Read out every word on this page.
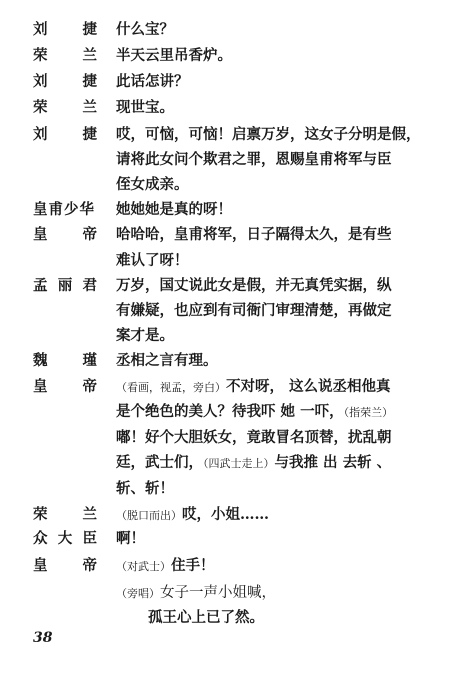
刘 捷 什么宝？
荣 兰 半天云里吊香炉。
刘 捷 此话怎讲？
荣 兰 现世宝。
刘 捷 哎，可恼，可恼！启禀万岁，这女子分明是假，
请将此女问个欺君之罪，恩赐皇甫将军与臣
侄女成亲。
皇甫少华 她她她是真的呀！
皇 帝 哈哈哈，皇甫将军，日子隔得太久，是有些
难认了呀！
孟 丽 君 万岁，国丈说此女是假，并无真凭实据，纵
有嫌疑，也应到有司衙门审理清楚，再做定
案才是。
魏 瑾 丞相之言有理。
皇 帝 （看画，视孟，旁白）不对呀， 这么说丞相他真
是个绝色的美人？待我吓 她 一吓，（指荣兰）
嘟！好个大胆妖女，竟敢冒名顶替，扰乱朝
廷，武士们，（四武士走上）与我推 出 去斩 、
斩、斩！
荣 兰 （脱口而出）哎，小姐……
众 大 臣 啊！
皇 帝 （对武士）住手！
（旁唱）女子一声小姐喊，
孤王心上已了然。
38
